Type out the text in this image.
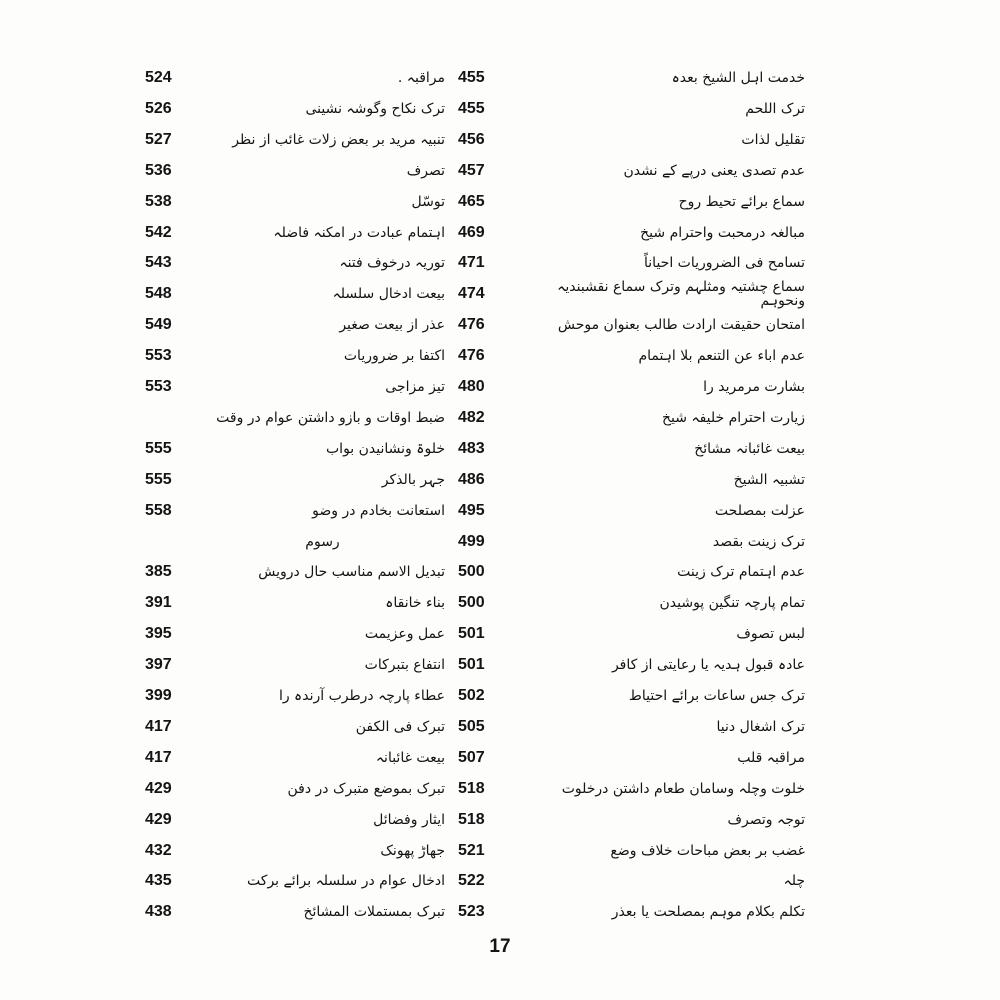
خدمت اہل الشیخ بعدہ
455
مراقبہ .
524
ترک اللحم
455
ترک نکاح وگوشہ نشینی
526
تقلیل لذات
456
تنبیہ مرید بر بعض زلات غائب از نظر
527
عدم تصدی یعنی درپے کے نشدن
457
تصرف
536
سماع برائے تحیط روح
465
توسّل
538
مبالغہ درمحبت واحترام شیخ
469
اہتمام عبادت در امکنہ فاضلہ
542
تسامح فی الضروریات احیاناً
471
توریہ درخوف فتنہ
543
سماع چشتیہ ومثلہم وترک سماع نقشبندیہ ونحوہم
474
بیعت ادخال سلسلہ
548
امتحان حقیقت ارادت طالب بعنوان موحش
476
عذر از بیعت صغیر
549
عدم اباء عن التنعم بلا اہتمام
476
اکتفا بر ضروریات
553
بشارت مرمرید را
480
تیز مزاجی
553
زیارت احترام خلیفہ شیخ
482
ضبط اوقات و بازو داشتن عوام در وقت
بیعت غائبانہ مشائخ
483
خلوۃ ونشانیدن بواب
555
تشبیہ الشیخ
486
جہر بالذکر
555
عزلت بمصلحت
495
استعانت بخادم در وضو
558
ترک زینت بقصد
499
رسوم
عدم اہتمام ترک زینت
500
تبدیل الاسم مناسب حال درویش
385
تمام پارچہ تنگین پوشیدن
500
بناء خانقاہ
391
لبس تصوف
501
عمل وعزیمت
395
عادہ قبول ہدیہ یا رعایتی از کافر
501
انتفاع بتبرکات
397
ترک جس ساعات برائے احتیاط
502
عطاء پارچہ درطرب آرندہ را
399
ترک اشغال دنیا
505
تبرک فی الکفن
417
مراقبہ قلب
507
بیعت غائبانہ
417
خلوت وچلہ وسامان طعام داشتن درخلوت
518
تبرک بموضع متبرک در دفن
429
توجہ وتصرف
518
ایثار وفضائل
429
غضب بر بعض مباحات خلاف وضع
521
جھاڑ پھونک
432
چلہ
522
ادخال عوام در سلسلہ برائے برکت
435
تکلم بکلام موہم بمصلحت یا بعذر
523
تبرک بمستملات المشائخ
438
17
